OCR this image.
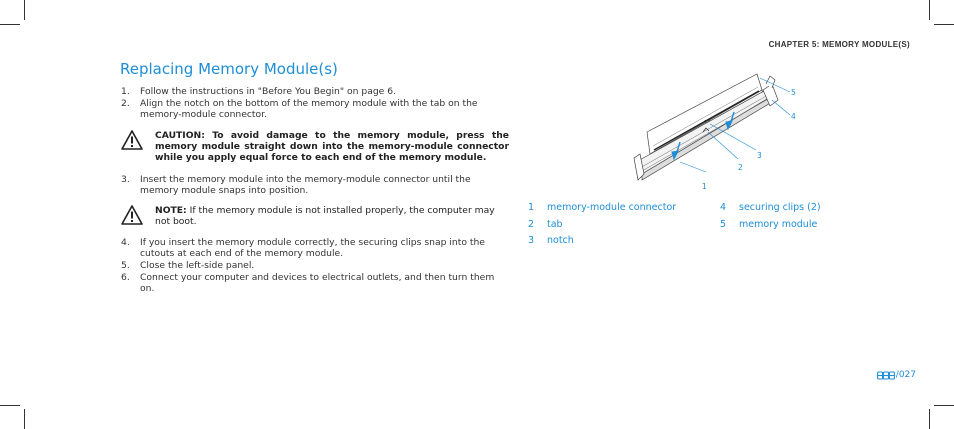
CHAPTER 5: MEMORY MODULE(S)
Replacing Memory Module(s)
1. Follow the instructions in "Before You Begin" on page 6.
2. Align the notch on the bottom of the memory module with the tab on the memory-module connector.
CAUTION: To avoid damage to the memory module, press the memory module straight down into the memory-module connector while you apply equal force to each end of the memory module.
3. Insert the memory module into the memory-module connector until the memory module snaps into position.
NOTE: If the memory module is not installed properly, the computer may not boot.
4. If you insert the memory module correctly, the securing clips snap into the cutouts at each end of the memory module.
5. Close the left-side panel.
6. Connect your computer and devices to electrical outlets, and then turn them on.
1
2
3
4
5
1 memory-module connector
2 tab
3 notch
4 securing clips (2)
5 memory module
/027
